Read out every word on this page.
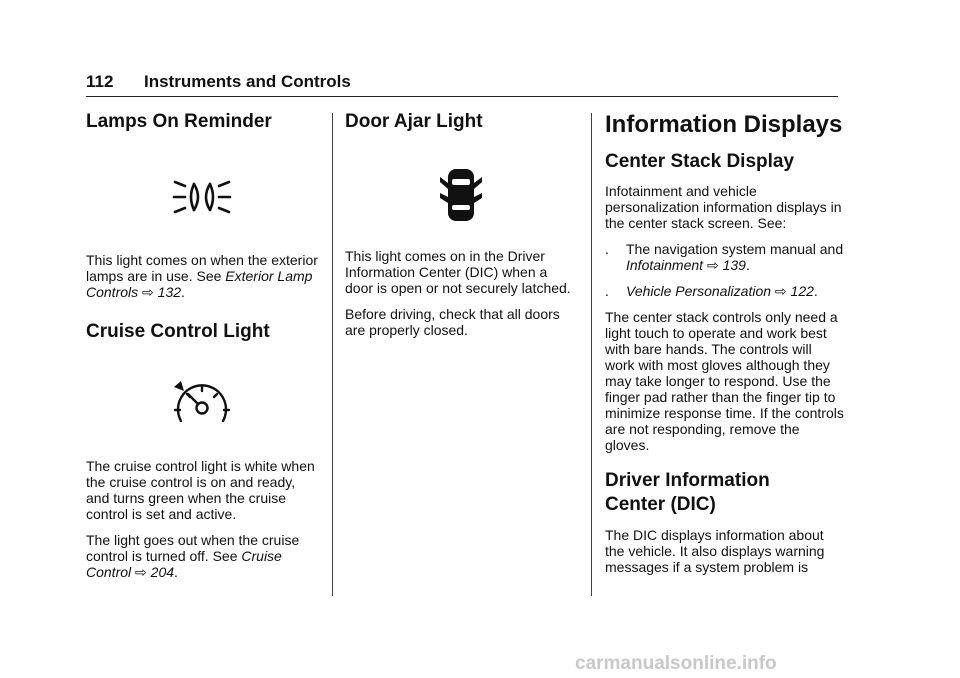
112 Instruments and Controls
Lamps On Reminder

This light comes on when the exterior lamps are in use. See Exterior Lamp Controls ⇨ 132.

Cruise Control Light

The cruise control light is white when the cruise control is on and ready, and turns green when the cruise control is set and active.

The light goes out when the cruise control is turned off. See Cruise Control ⇨ 204.

Door Ajar Light

This light comes on in the Driver Information Center (DIC) when a door is open or not securely latched.

Before driving, check that all doors are properly closed.

Information Displays
Center Stack Display

Infotainment and vehicle personalization information displays in the center stack screen. See:

.	The navigation system manual and Infotainment ⇨ 139.
.	Vehicle Personalization ⇨ 122.

The center stack controls only need a light touch to operate and work best with bare hands. The controls will work with most gloves although they may take longer to respond. Use the finger pad rather than the finger tip to minimize response time. If the controls are not responding, remove the gloves.

Driver Information
Center (DIC)

The DIC displays information about the vehicle. It also displays warning messages if a system problem is

carmanualsonline.info
